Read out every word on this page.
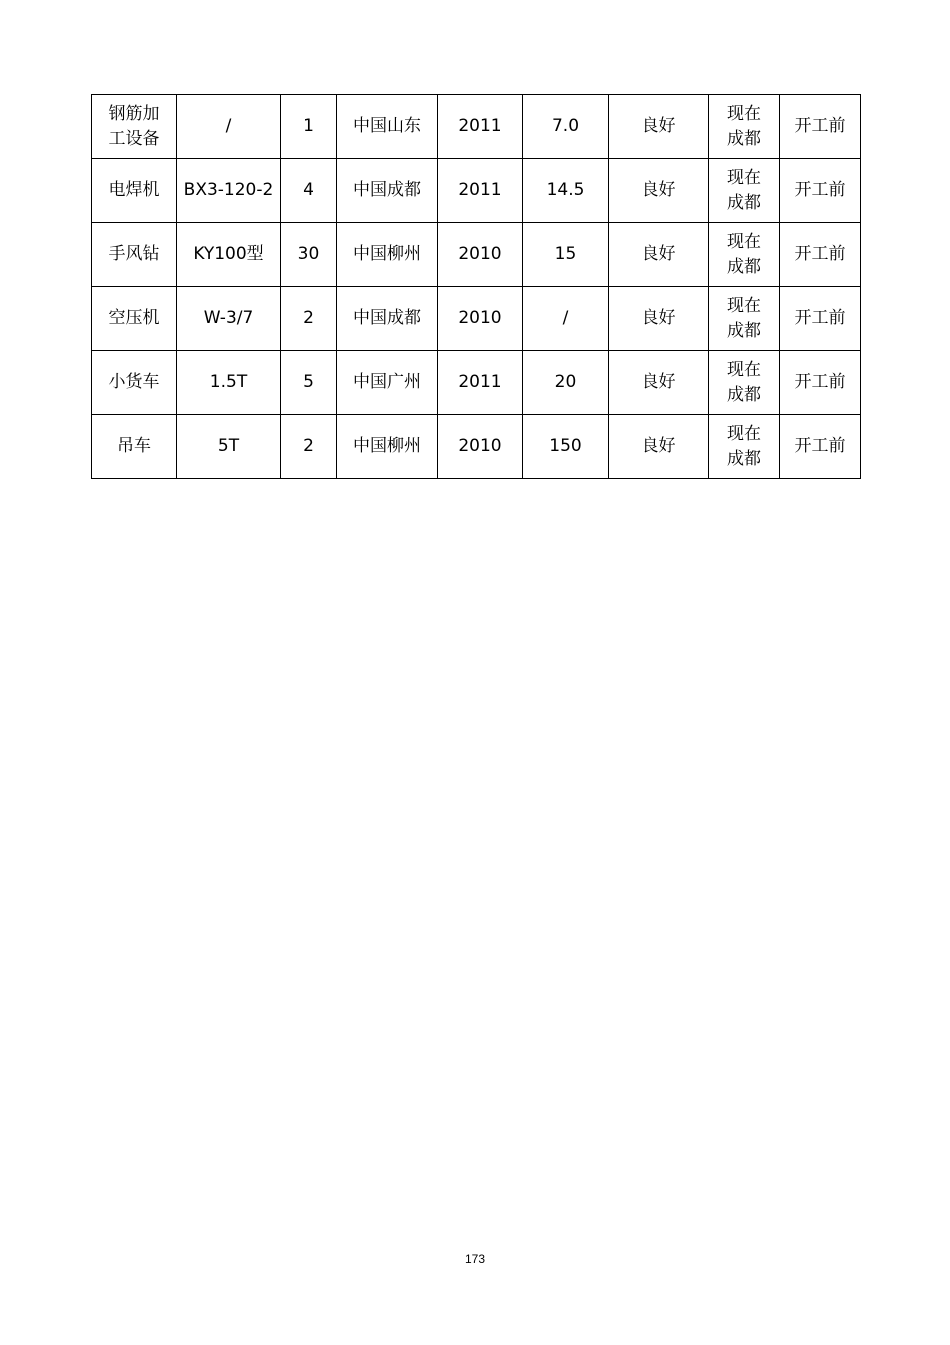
钢筋加工设备	/	1	中国山东	2011	7.0	良好	现在成都	开工前
电焊机	BX3-120-2	4	中国成都	2011	14.5	良好	现在成都	开工前
手风钻	KY100型	30	中国柳州	2010	15	良好	现在成都	开工前
空压机	W-3/7	2	中国成都	2010	/	良好	现在成都	开工前
小货车	1.5T	5	中国广州	2011	20	良好	现在成都	开工前
吊车	5T	2	中国柳州	2010	150	良好	现在成都	开工前
173
